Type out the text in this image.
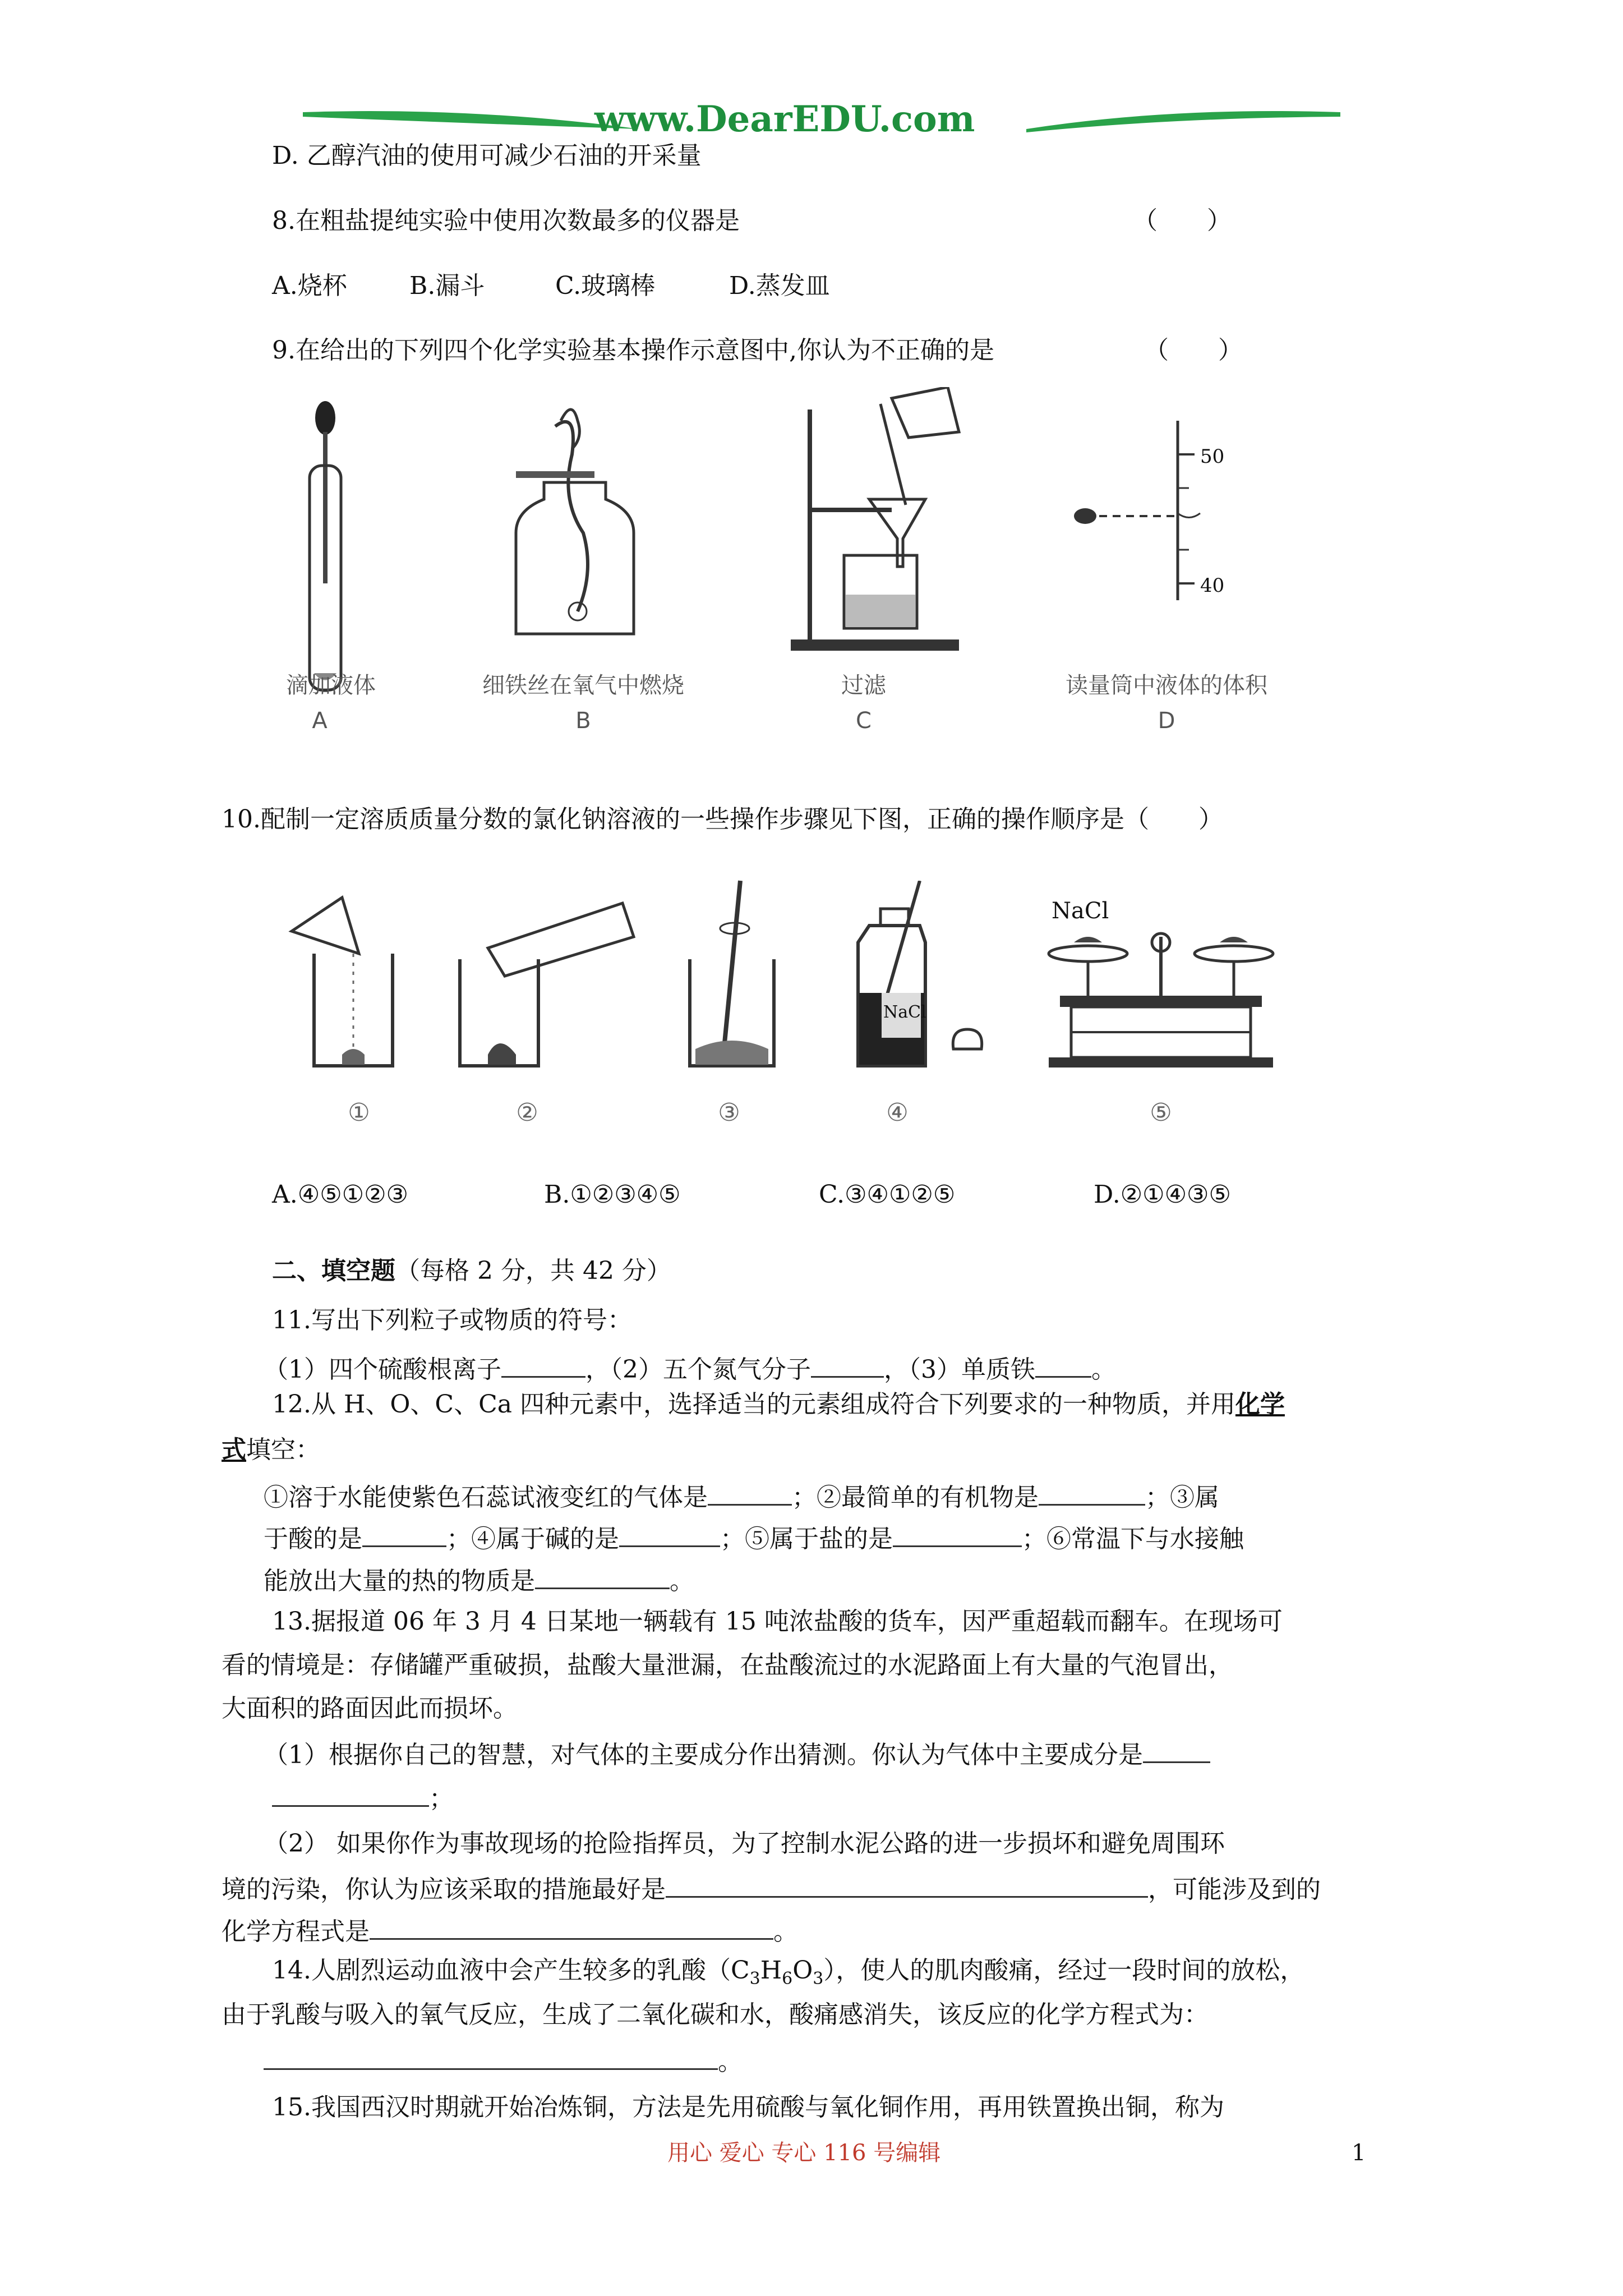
www.DearEDU.com
D. 乙醇汽油的使用可减少石油的开采量
8.在粗盐提纯实验中使用次数最多的仪器是	（　　）
A.烧杯	B.漏斗	C.玻璃棒	D.蒸发皿
9.在给出的下列四个化学实验基本操作示意图中,你认为不正确的是	（　　）
50
40
滴加液体	细铁丝在氧气中燃烧	过滤	读量筒中液体的体积
A	B	C	D
10.配制一定溶质质量分数的氯化钠溶液的一些操作步骤见下图，正确的操作顺序是（　　）
NaCl
NaCl
①	②	③	④	⑤
A.④⑤①②③	B.①②③④⑤	C.③④①②⑤	D.②①④③⑤
二、填空题（每格 2 分，共 42 分）
11.写出下列粒子或物质的符号：
（1）四个硫酸根离子	，（2）五个氮气分子	，（3）单质铁 。
12.从 H、O、C、Ca 四种元素中，选择适当的元素组成符合下列要求的一种物质，并用化学
式填空：
①溶于水能使紫色石蕊试液变红的气体是	；②最简单的有机物是	；③属
于酸的是	；④属于碱的是	；⑤属于盐的是	；⑥常温下与水接触
能放出大量的热的物质是	。
13.据报道 06 年 3 月 4 日某地一辆载有 15 吨浓盐酸的货车，因严重超载而翻车。在现场可
看的情境是：存储罐严重破损，盐酸大量泄漏，在盐酸流过的水泥路面上有大量的气泡冒出，
大面积的路面因此而损坏。
（1）根据你自己的智慧，对气体的主要成分作出猜测。你认为气体中主要成分是
；
（2） 如果你作为事故现场的抢险指挥员，为了控制水泥公路的进一步损坏和避免周围环
境的污染，你认为应该采取的措施最好是	，可能涉及到的
化学方程式是	。
14.人剧烈运动血液中会产生较多的乳酸$(C_3H_6O_3)$，使人的肌肉酸痛，经过一段时间的放松，
由于乳酸与吸入的氧气反应，生成了二氧化碳和水，酸痛感消失，该反应的化学方程式为：
。
15.我国西汉时期就开始冶炼铜，方法是先用硫酸与氧化铜作用，再用铁置换出铜，称为
用心 爱心 专心 116 号编辑	1
